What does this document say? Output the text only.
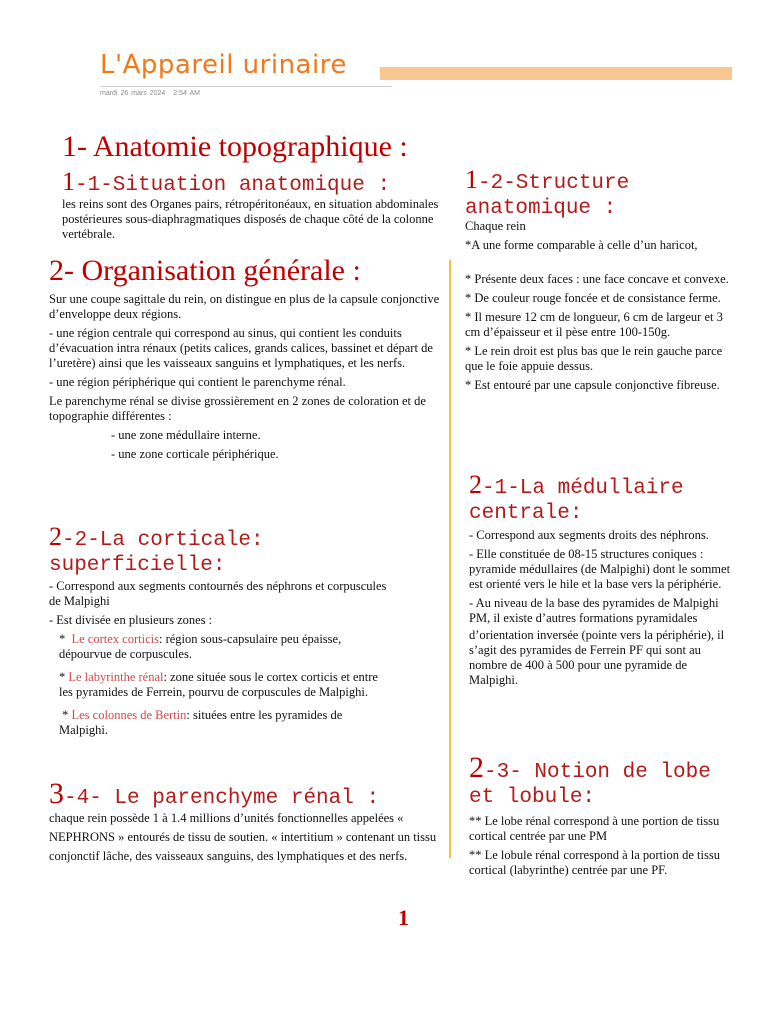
L'Appareil urinaire
mardi 26 mars 2024 2:54 AM
1- Anatomie topographique :
1-1-Situation anatomique :
les reins sont des Organes pairs, rétropéritonéaux, en situation abdominales postérieures sous-diaphragmatiques disposés de chaque côté de la colonne vertébrale.
2- Organisation générale :

Sur une coupe sagittale du rein, on distingue en plus de la capsule conjonctive d’enveloppe deux régions.

- une région centrale qui correspond au sinus, qui contient les conduits d’évacuation intra rénaux (petits calices, grands calices, bassinet et départ de l’uretère) ainsi que les vaisseaux sanguins et lymphatiques, et les nerfs.

- une région périphérique qui contient le parenchyme rénal.

Le parenchyme rénal se divise grossièrement en 2 zones de coloration et de topographie différentes :

- une zone médullaire interne.

- une zone corticale périphérique.

2-2-La corticale: superficielle:

- Correspond aux segments contournés des néphrons et corpuscules de Malpighi

- Est divisée en plusieurs zones :

* Le cortex corticis: région sous-capsulaire peu épaisse, dépourvue de corpuscules.

* Le labyrinthe rénal: zone située sous le cortex corticis et entre les pyramides de Ferrein, pourvu de corpuscules de Malpighi.

* Les colonnes de Bertin: situées entre les pyramides de Malpighi.

3-4- Le parenchyme rénal :
chaque rein possède 1 à 1.4 millions d’unités fonctionnelles appelées « NEPHRONS » entourés de tissu de soutien. « intertitium » contenant un tissu conjonctif lâche, des vaisseaux sanguins, des lymphatiques et des nerfs.
1-2-Structure anatomique :

Chaque rein

*A une forme comparable à celle d’un haricot,

* Présente deux faces : une face concave et convexe.

* De couleur rouge foncée et de consistance ferme.

* Il mesure 12 cm de longueur, 6 cm de largeur et 3 cm d’épaisseur et il pèse entre 100-150g.

* Le rein droit est plus bas que le rein gauche parce que le foie appuie dessus.

* Est entouré par une capsule conjonctive fibreuse.

2-1-La médullaire centrale:

- Correspond aux segments droits des néphrons.

- Elle constituée de 08-15 structures coniques : pyramide médullaires (de Malpighi) dont le sommet est orienté vers le hile et la base vers la périphérie.

- Au niveau de la base des pyramides de Malpighi PM, il existe d’autres formations pyramidales

d’orientation inversée (pointe vers la périphérie), il s’agit des pyramides de Ferrein PF qui sont au nombre de 400 à 500 pour une pyramide de Malpighi.

2-3- Notion de lobe et lobule:

** Le lobe rénal correspond à une portion de tissu cortical centrée par une PM

** Le lobule rénal correspond à la portion de tissu cortical (labyrinthe) centrée par une PF.

1
